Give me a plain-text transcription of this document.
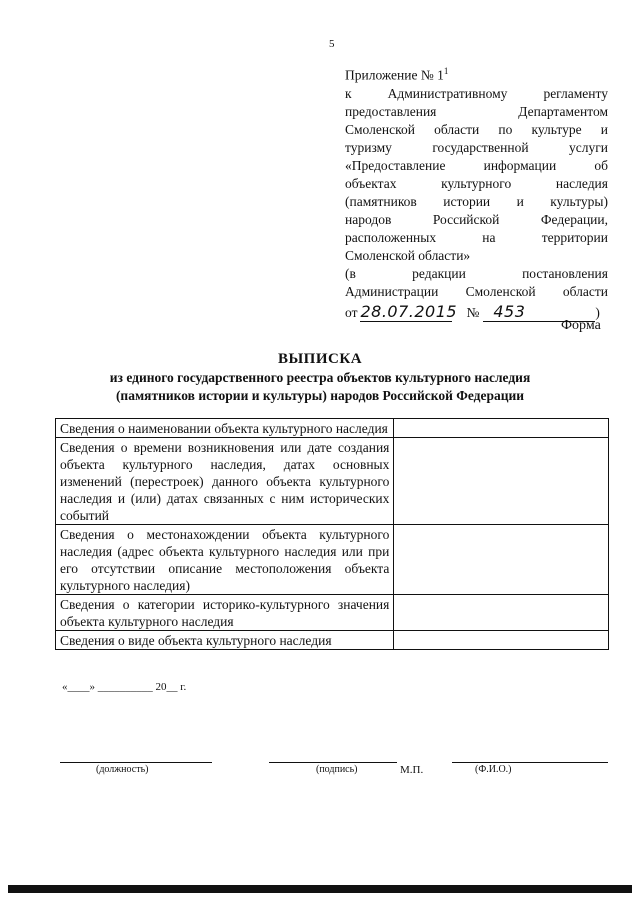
5
Приложение № $1^1$
к Административному регламенту
предоставления Департаментом
Смоленской области по культуре и
туризму государственной услуги
«Предоставление информации об
объектах культурного наследия
(памятников истории и культуры)
народов Российской Федерации,
расположенных на территории
Смоленской области»
(в редакции постановления
Администрации Смоленской области
от 28.07.2015 № 453	)
Форма
ВЫПИСКА
из единого государственного реестра объектов культурного наследия
(памятников истории и культуры) народов Российской Федерации
Сведения о наименовании объекта культурного наследия	
Сведения о времени возникновения или дате создания объекта культурного наследия, датах основных изменений (перестроек) данного объекта культурного наследия и (или) датах связанных с ним исторических событий	
Сведения о местонахождении объекта культурного наследия (адрес объекта культурного наследия или при его отсутствии описание местоположения объекта культурного наследия)	
Сведения о категории историко-культурного значения объекта культурного наследия	
Сведения о виде объекта культурного наследия	
«____» __________ 20__ г.
(должность)	(подпись)	М.П.	(Ф.И.О.)
